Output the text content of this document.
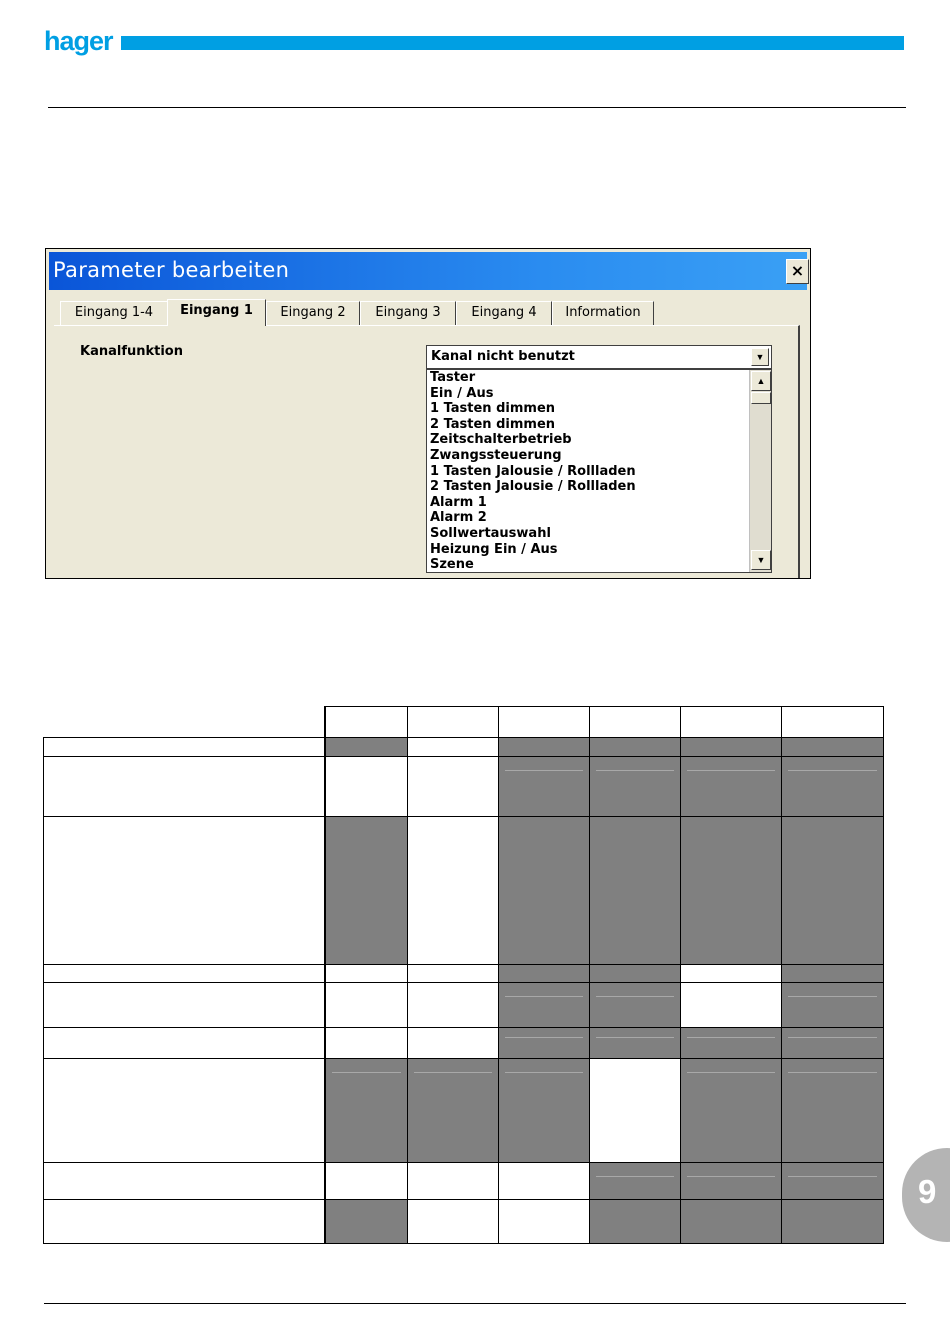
hager
Parameter bearbeiten	×
Eingang 1-4	Eingang 1	Eingang 2	Eingang 3	Eingang 4	Information
Kanalfunktion	Kanal nicht benutzt	▼
Taster
Ein / Aus
1 Tasten dimmen
2 Tasten dimmen
Zeitschalterbetrieb
Zwangssteuerung
1 Tasten Jalousie / Rollladen
2 Tasten Jalousie / Rollladen
Alarm 1
Alarm 2
Sollwertauswahl
Heizung Ein / Aus
Szene
▲
▼

9
